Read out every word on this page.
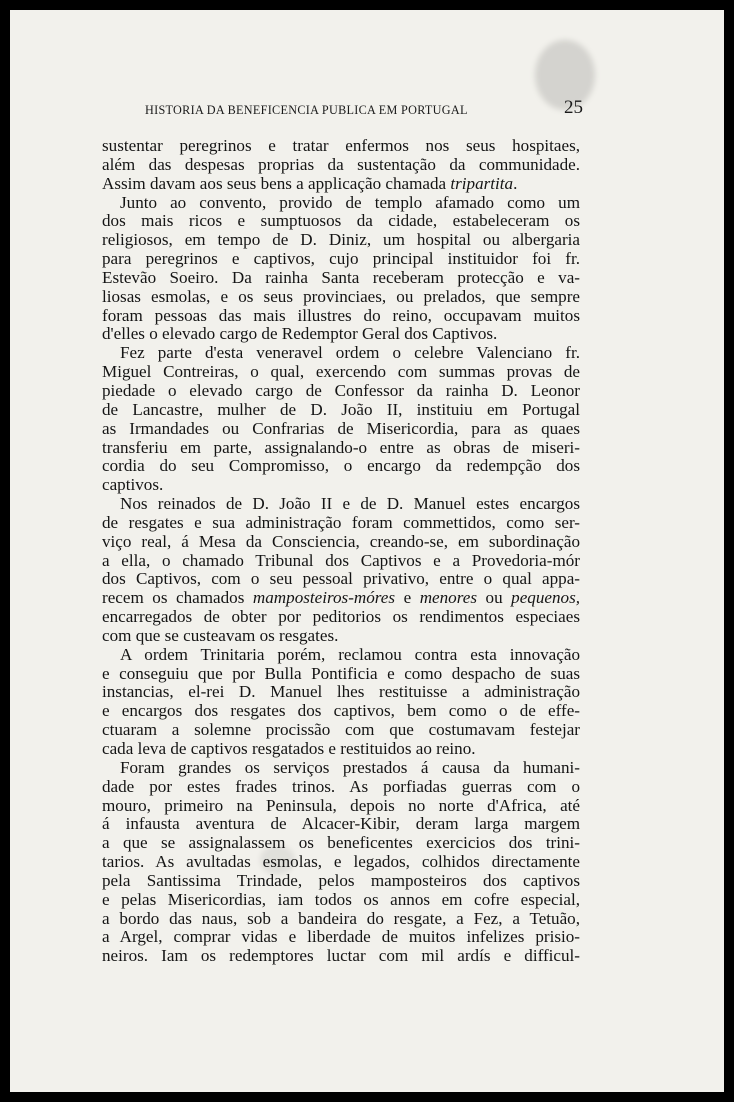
HISTORIA DA BENEFICENCIA PUBLICA EM PORTUGAL	25
sustentar peregrinos e tratar enfermos nos seus hospitaes,
além das despesas proprias da sustentação da communidade.
Assim davam aos seus bens a applicação chamada tripartita.
Junto ao convento, provido de templo afamado como um
dos mais ricos e sumptuosos da cidade, estabeleceram os
religiosos, em tempo de D. Diniz, um hospital ou albergaria
para peregrinos e captivos, cujo principal instituidor foi fr.
Estevão Soeiro. Da rainha Santa receberam protecção e va-
liosas esmolas, e os seus provinciaes, ou prelados, que sempre
foram pessoas das mais illustres do reino, occupavam muitos
d'elles o elevado cargo de Redemptor Geral dos Captivos.
Fez parte d'esta veneravel ordem o celebre Valenciano fr.
Miguel Contreiras, o qual, exercendo com summas provas de
piedade o elevado cargo de Confessor da rainha D. Leonor
de Lancastre, mulher de D. João II, instituiu em Portugal
as Irmandades ou Confrarias de Misericordia, para as quaes
transferiu em parte, assignalando-o entre as obras de miseri-
cordia do seu Compromisso, o encargo da redempção dos
captivos.
Nos reinados de D. João II e de D. Manuel estes encargos
de resgates e sua administração foram commettidos, como ser-
viço real, á Mesa da Consciencia, creando-se, em subordinação
a ella, o chamado Tribunal dos Captivos e a Provedoria-mór
dos Captivos, com o seu pessoal privativo, entre o qual appa-
recem os chamados mamposteiros-móres e menores ou pequenos,
encarregados de obter por peditorios os rendimentos especiaes
com que se custeavam os resgates.
A ordem Trinitaria porém, reclamou contra esta innovação
e conseguiu que por Bulla Pontificia e como despacho de suas
instancias, el-rei D. Manuel lhes restituisse a administração
e encargos dos resgates dos captivos, bem como o de effe-
ctuaram a solemne procissão com que costumavam festejar
cada leva de captivos resgatados e restituidos ao reino.
Foram grandes os serviços prestados á causa da humani-
dade por estes frades trinos. As porfiadas guerras com o
mouro, primeiro na Peninsula, depois no norte d'Africa, até
á infausta aventura de Alcacer-Kibir, deram larga margem
a que se assignalassem os beneficentes exercicios dos trini-
tarios. As avultadas esmolas, e legados, colhidos directamente
pela Santissima Trindade, pelos mamposteiros dos captivos
e pelas Misericordias, iam todos os annos em cofre especial,
a bordo das naus, sob a bandeira do resgate, a Fez, a Tetuão,
a Argel, comprar vidas e liberdade de muitos infelizes prisio-
neiros. Iam os redemptores luctar com mil ardís e difficul-
